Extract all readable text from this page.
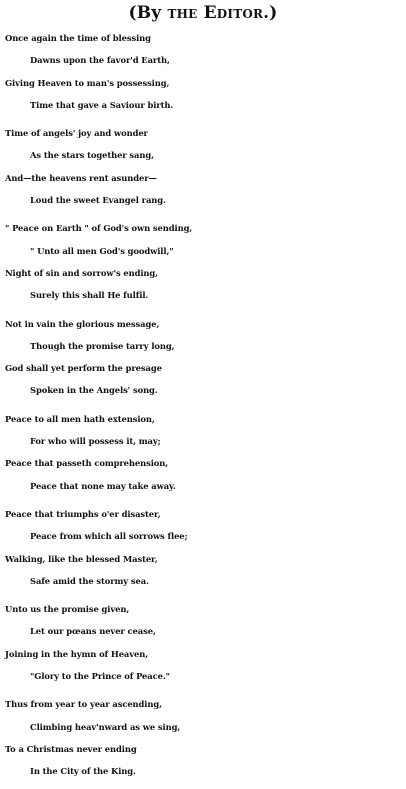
(By the Editor.)
Once again the time of blessing
Dawns upon the favor'd Earth,
Giving Heaven to man's possessing,
Time that gave a Saviour birth.
Time of angels' joy and wonder
As the stars together sang,
And—the heavens rent asunder—
Loud the sweet Evangel rang.
" Peace on Earth " of God's own sending,
" Unto all men God's goodwill,"
Night of sin and sorrow's ending,
Surely this shall He fulfil.
Not in vain the glorious message,
Though the promise tarry long,
God shall yet perform the presage
Spoken in the Angels' song.
Peace to all men hath extension,
For who will possess it, may;
Peace that passeth comprehension,
Peace that none may take away.
Peace that triumphs o'er disaster,
Peace from which all sorrows flee;
Walking, like the blessed Master,
Safe amid the stormy sea.
Unto us the promise given,
Let our pœans never cease,
Joining in the hymn of Heaven,
"Glory to the Prince of Peace."
Thus from year to year ascending,
Climbing heav'nward as we sing,
To a Christmas never ending
In the City of the King.
